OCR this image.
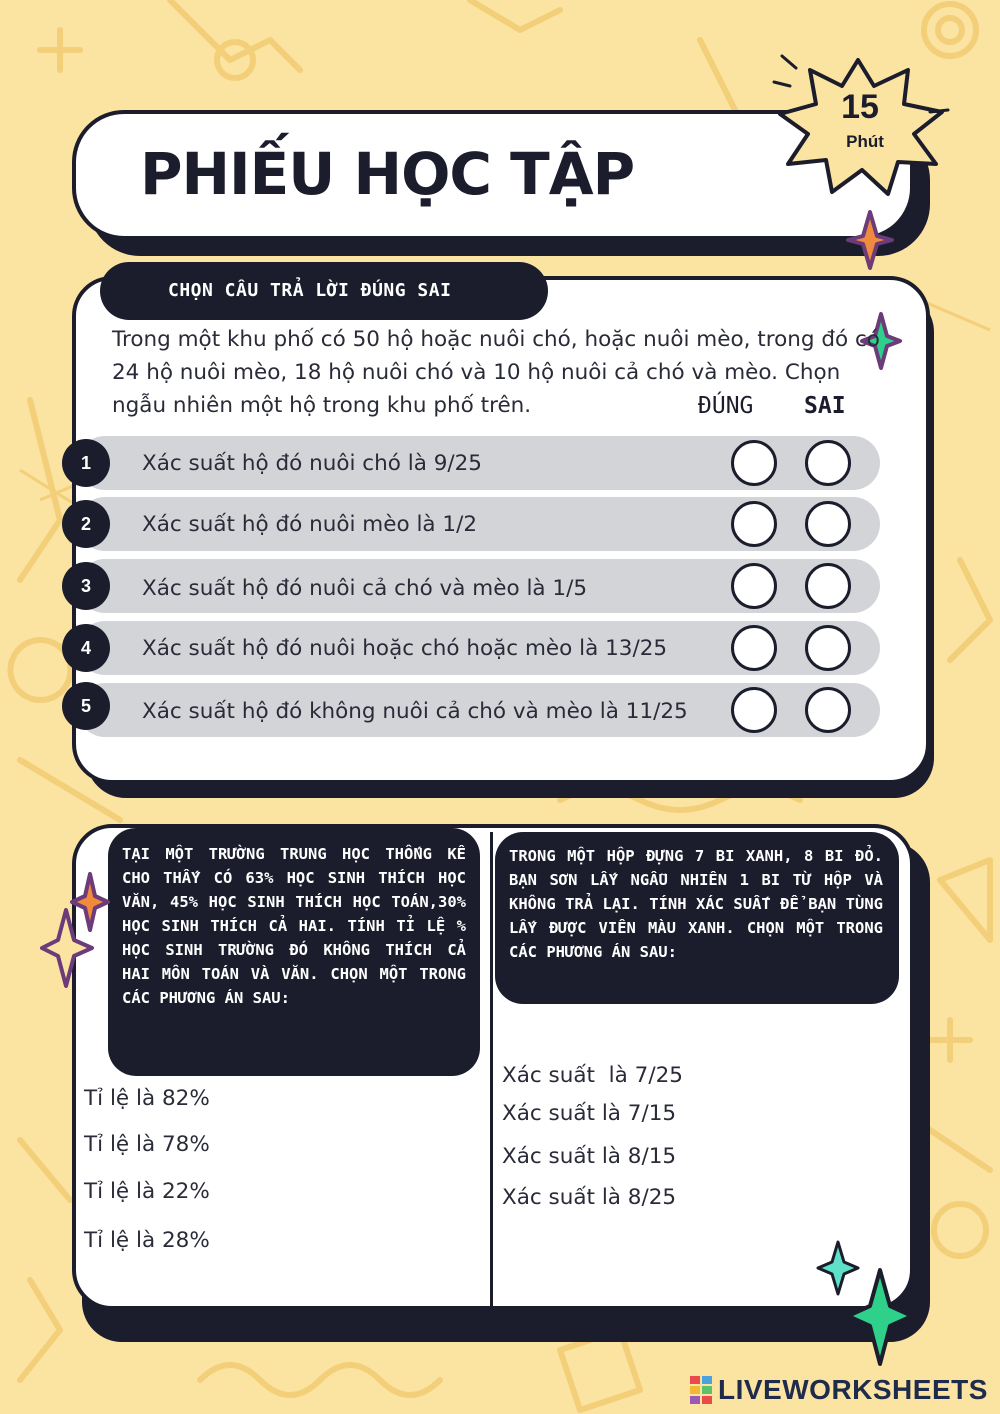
PHIẾU HỌC TẬP
15
Phút
CHỌN CÂU TRẢ LỜI ĐÚNG SAI
Trong một khu phố có 50 hộ hoặc nuôi chó, hoặc nuôi mèo, trong đó có 24 hộ nuôi mèo, 18 hộ nuôi chó và 10 hộ nuôi cả chó và mèo. Chọn ngẫu nhiên một hộ trong khu phố trên.	ĐÚNG SAI
1	Xác suất hộ đó nuôi chó là 9/25
2	Xác suất hộ đó nuôi mèo là 1/2
3	Xác suất hộ đó nuôi cả chó và mèo là 1/5
4	Xác suất hộ đó nuôi hoặc chó hoặc mèo là 13/25
5	Xác suất hộ đó không nuôi cả chó và mèo là 11/25
TẠI MỘT TRƯỜNG TRUNG HỌC THỐNG KÊ CHO THẤY CÓ 63% HỌC SINH THÍCH HỌC VĂN, 45% HỌC SINH THÍCH HỌC TOÁN,30% HỌC SINH THÍCH CẢ HAI. TÍNH TỈ LỆ % HỌC SINH TRƯỜNG ĐÓ KHÔNG THÍCH CẢ HAI MÔN TOÁN VÀ VĂN. CHỌN MỘT TRONG CÁC PHƯƠNG ÁN SAU:
TRONG MỘT HỘP ĐỰNG 7 BI XANH, 8 BI ĐỎ. BẠN SƠN LẤY NGẪU NHIÊN 1 BI TỪ HỘP VÀ KHÔNG TRẢ LẠI. TÍNH XÁC SUẤT ĐỂ BẠN TÙNG LẤY ĐƯỢC VIÊN MÀU XANH. CHỌN MỘT TRONG CÁC PHƯƠNG ÁN SAU:
Tỉ lệ là 82%
Tỉ lệ là 78%
Tỉ lệ là 22%
Tỉ lệ là 28%
Xác suất  là 7/25
Xác suất là 7/15
Xác suất là 8/15
Xác suất là 8/25
LIVEWORKSHEETS
